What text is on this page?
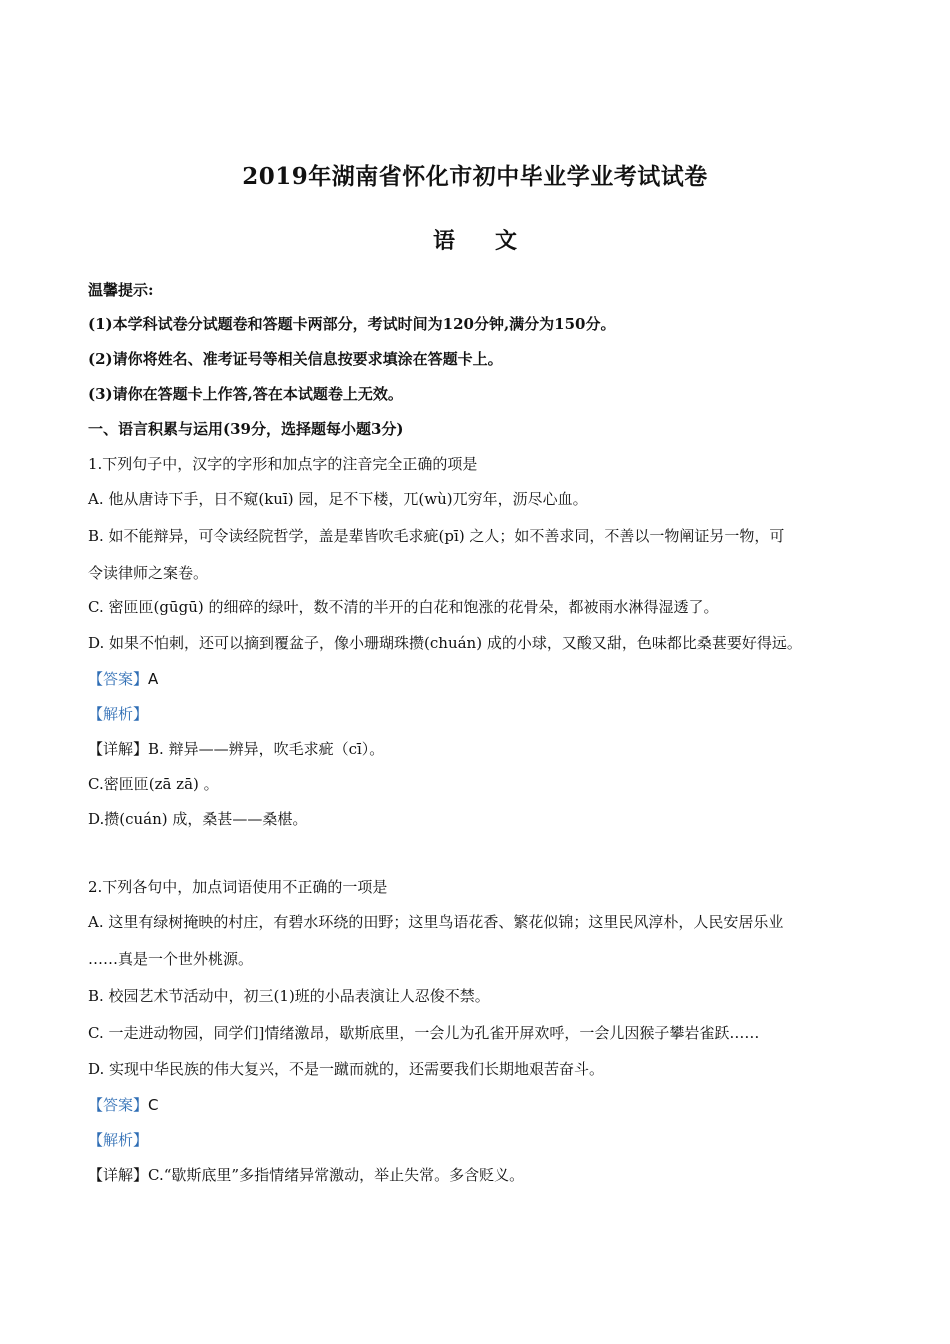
2019年湖南省怀化市初中毕业学业考试试卷
语文
温馨提示:
(1)本学科试卷分试题卷和答题卡两部分，考试时间为120分钟,满分为150分。
(2)请你将姓名、准考证号等相关信息按要求填涂在答题卡上。
(3)请你在答题卡上作答,答在本试题卷上无效。
一、语言积累与运用(39分，选择题每小题3分)
1.下列句子中，汉字的字形和加点字的注音完全正确的项是
A. 他从唐诗下手，日不窥(kuī) 园，足不下楼，兀(wù)兀穷年，沥尽心血。
B. 如不能辩异，可令读经院哲学，盖是辈皆吹毛求疵(pī) 之人；如不善求同，不善以一物阐证另一物，可
令读律师之案卷。
C. 密匝匝(gūgū) 的细碎的绿叶，数不清的半开的白花和饱涨的花骨朵，都被雨水淋得湿透了。
D. 如果不怕刺，还可以摘到覆盆子，像小珊瑚珠攒(chuán) 成的小球，又酸又甜，色味都比桑葚要好得远。
【答案】A
【解析】
【详解】B. 辩异——辨异，吹毛求疵（cī）。
C.密匝匝(zā zā) 。
D.攒(cuán) 成，桑甚——桑椹。
2.下列各句中，加点词语使用不正确的一项是
A. 这里有绿树掩映的村庄，有碧水环绕的田野；这里鸟语花香、繁花似锦；这里民风淳朴，人民安居乐业
……真是一个世外桃源。
B. 校园艺术节活动中，初三(1)班的小品表演让人忍俊不禁。
C. 一走进动物园，同学们]情绪激昂，歇斯底里，一会儿为孔雀开屏欢呼，一会儿因猴子攀岩雀跃……
D. 实现中华民族的伟大复兴，不是一蹴而就的，还需要我们长期地艰苦奋斗。
【答案】C
【解析】
【详解】C.“歇斯底里”多指情绪异常激动，举止失常。多含贬义。
